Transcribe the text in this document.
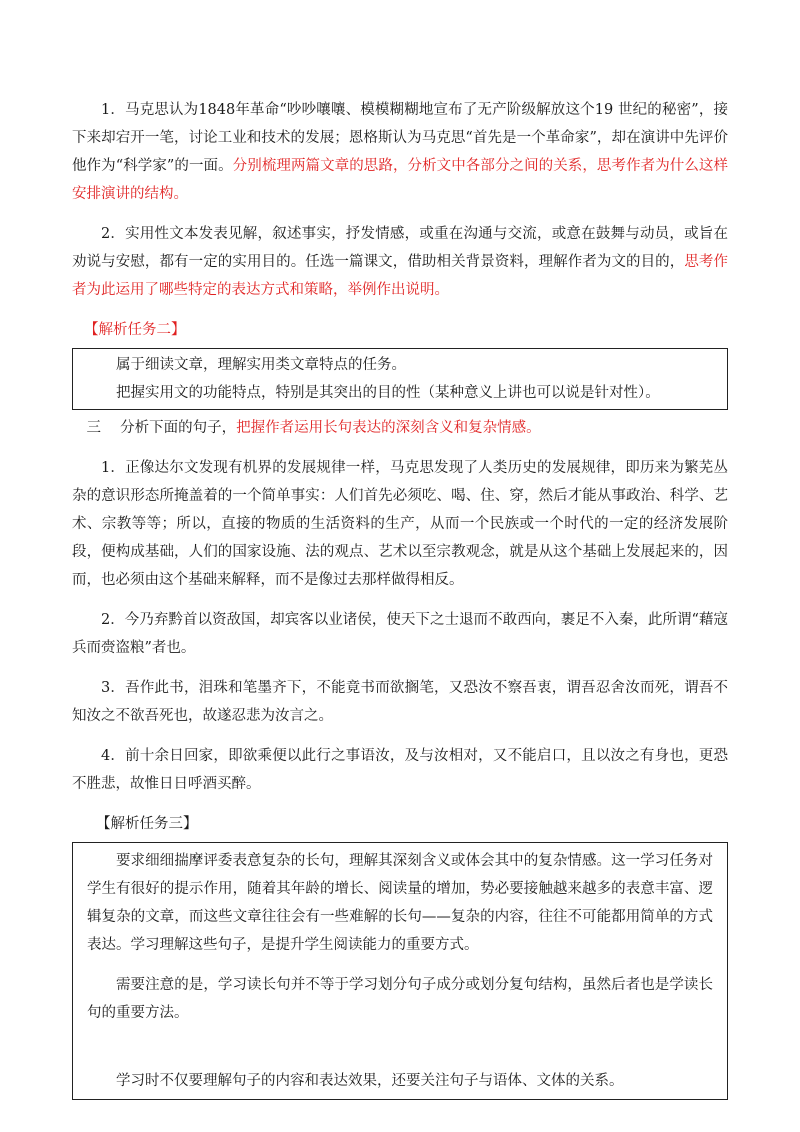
1．马克思认为1848年革命“吵吵嚷嚷、模模糊糊地宣布了无产阶级解放这个19 世纪的秘密”，接下来却宕开一笔，讨论工业和技术的发展；恩格斯认为马克思“首先是一个革命家”，却在演讲中先评价他作为“科学家”的一面。分别梳理两篇文章的思路，分析文中各部分之间的关系，思考作者为什么这样安排演讲的结构。

2．实用性文本发表见解，叙述事实，抒发情感，或重在沟通与交流，或意在鼓舞与动员，或旨在劝说与安慰，都有一定的实用目的。任选一篇课文，借助相关背景资料，理解作者为文的目的，思考作者为此运用了哪些特定的表达方式和策略，举例作出说明。

【解析任务二】

属于细读文章，理解实用类文章特点的任务。

把握实用文的功能特点，特别是其突出的目的性（某种意义上讲也可以说是针对性）。

三　 分析下面的句子，把握作者运用长句表达的深刻含义和复杂情感。

1．正像达尔文发现有机界的发展规律一样，马克思发现了人类历史的发展规律，即历来为繁芜丛杂的意识形态所掩盖着的一个简单事实：人们首先必须吃、喝、住、穿，然后才能从事政治、科学、艺术、宗教等等；所以，直接的物质的生活资料的生产，从而一个民族或一个时代的一定的经济发展阶段，便构成基础，人们的国家设施、法的观点、艺术以至宗教观念，就是从这个基础上发展起来的，因而，也必须由这个基础来解释，而不是像过去那样做得相反。

2．今乃弃黔首以资敌国，却宾客以业诸侯，使天下之士退而不敢西向，裹足不入秦，此所谓“藉寇兵而赍盗粮”者也。

3．吾作此书，泪珠和笔墨齐下，不能竟书而欲搁笔，又恐汝不察吾衷，谓吾忍舍汝而死，谓吾不知汝之不欲吾死也，故遂忍悲为汝言之。

4．前十余日回家，即欲乘便以此行之事语汝，及与汝相对，又不能启口，且以汝之有身也，更恐不胜悲，故惟日日呼酒买醉。

【解析任务三】

要求细细揣摩评委表意复杂的长句，理解其深刻含义或体会其中的复杂情感。这一学习任务对学生有很好的提示作用，随着其年龄的增长、阅读量的增加，势必要接触越来越多的表意丰富、逻辑复杂的文章，而这些文章往往会有一些难解的长句——复杂的内容，往往不可能都用简单的方式表达。学习理解这些句子，是提升学生阅读能力的重要方式。

需要注意的是，学习读长句并不等于学习划分句子成分或划分复句结构，虽然后者也是学读长句的重要方法。

学习时不仅要理解句子的内容和表达效果，还要关注句子与语体、文体的关系。
